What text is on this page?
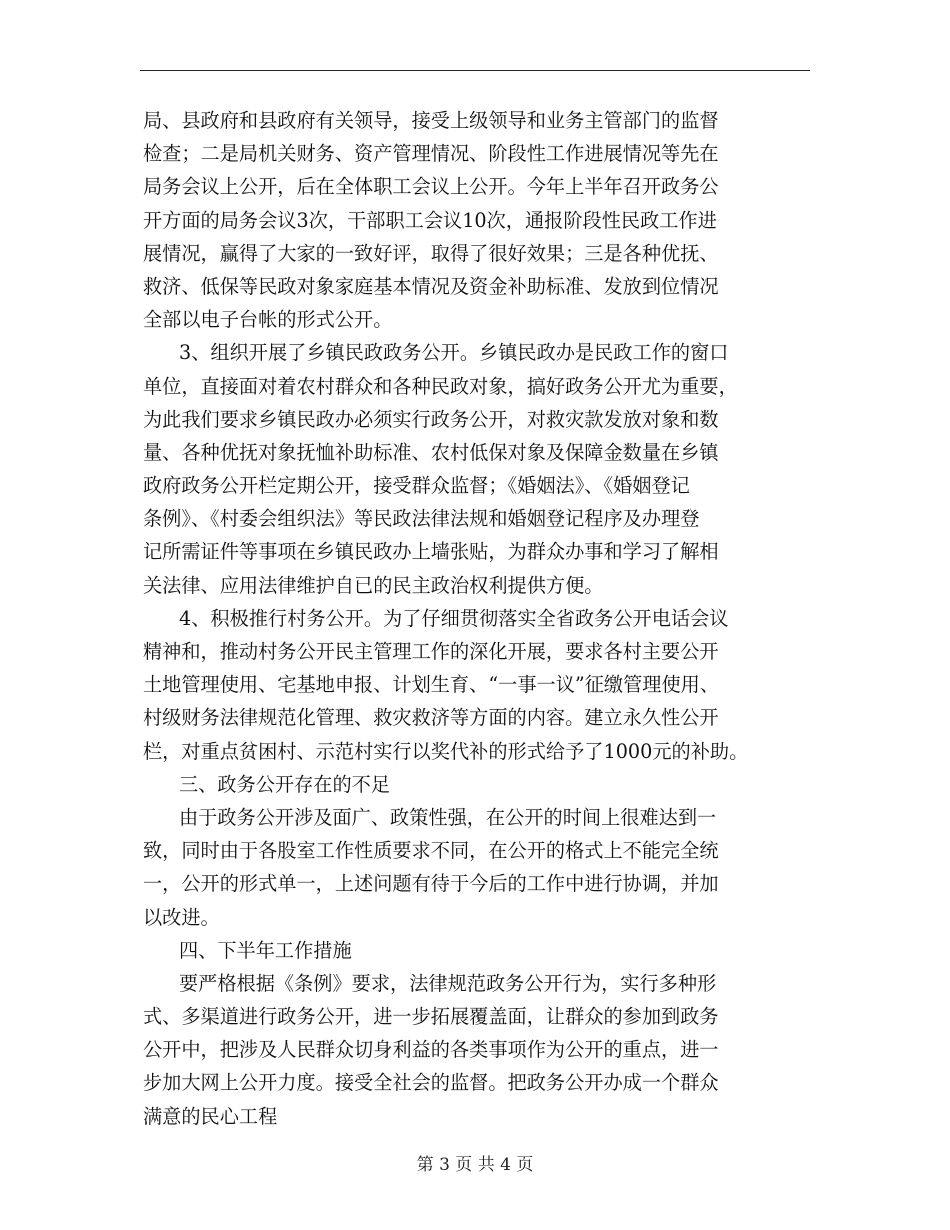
局、县政府和县政府有关领导，接受上级领导和业务主管部门的监督
检查；二是局机关财务、资产管理情况、阶段性工作进展情况等先在
局务会议上公开，后在全体职工会议上公开。今年上半年召开政务公
开方面的局务会议3次，干部职工会议10次，通报阶段性民政工作进
展情况，赢得了大家的一致好评，取得了很好效果；三是各种优抚、
救济、低保等民政对象家庭基本情况及资金补助标准、发放到位情况
全部以电子台帐的形式公开。
3、组织开展了乡镇民政政务公开。乡镇民政办是民政工作的窗口
单位，直接面对着农村群众和各种民政对象，搞好政务公开尤为重要，
为此我们要求乡镇民政办必须实行政务公开，对救灾款发放对象和数
量、各种优抚对象抚恤补助标准、农村低保对象及保障金数量在乡镇
政府政务公开栏定期公开，接受群众监督；《婚姻法》、《婚姻登记
条例》、《村委会组织法》等民政法律法规和婚姻登记程序及办理登
记所需证件等事项在乡镇民政办上墙张贴，为群众办事和学习了解相
关法律、应用法律维护自已的民主政治权利提供方便。
4、积极推行村务公开。为了仔细贯彻落实全省政务公开电话会议
精神和，推动村务公开民主管理工作的深化开展，要求各村主要公开
土地管理使用、宅基地申报、计划生育、“一事一议”征缴管理使用、
村级财务法律规范化管理、救灾救济等方面的内容。建立永久性公开
栏，对重点贫困村、示范村实行以奖代补的形式给予了1000元的补助。
三、政务公开存在的不足
由于政务公开涉及面广、政策性强，在公开的时间上很难达到一
致，同时由于各股室工作性质要求不同，在公开的格式上不能完全统
一，公开的形式单一，上述问题有待于今后的工作中进行协调，并加
以改进。
四、下半年工作措施
要严格根据《条例》要求，法律规范政务公开行为，实行多种形
式、多渠道进行政务公开，进一步拓展覆盖面，让群众的参加到政务
公开中，把涉及人民群众切身利益的各类事项作为公开的重点，进一
步加大网上公开力度。接受全社会的监督。把政务公开办成一个群众
满意的民心工程
第 3 页 共 4 页
